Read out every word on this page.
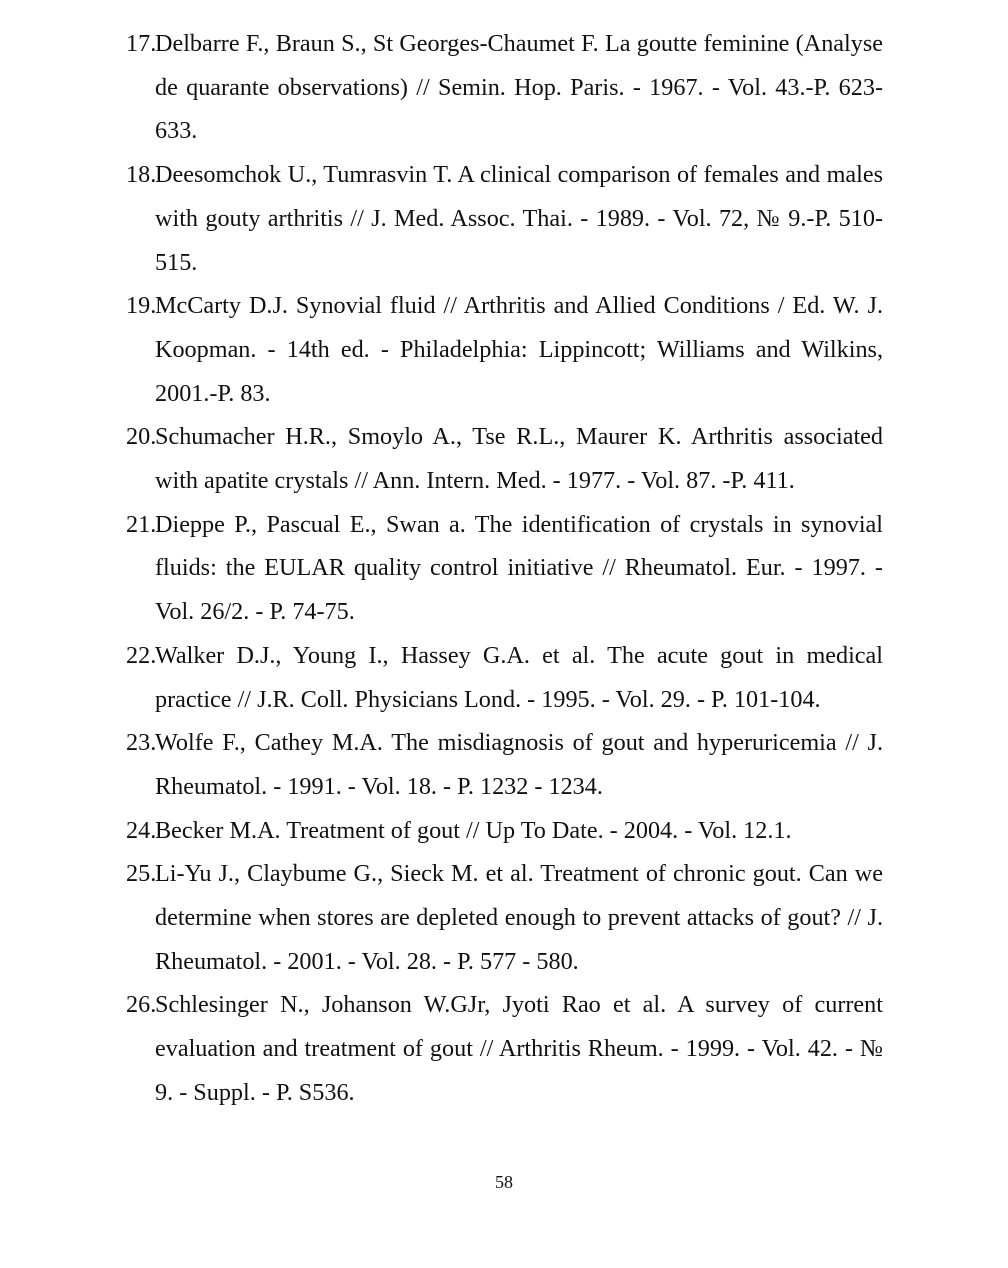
17.
Delbarre F., Braun S., St Georges-Chaumet F. La goutte feminine (Analyse de quarante observations) // Semin. Hop. Paris. - 1967. - Vol. 43.-P. 623-633.
18.
Deesomchok U., Tumrasvin T. A clinical comparison of females and males with gouty arthritis // J. Med. Assoc. Thai. - 1989. - Vol. 72, № 9.-P. 510-515.
19.
McCarty D.J. Synovial fluid // Arthritis and Allied Conditions / Ed. W. J. Koopman. - 14th ed. - Philadelphia: Lippincott; Williams and Wilkins, 2001.-P. 83.
20.
Schumacher H.R., Smoylo A., Tse R.L., Maurer K. Arthritis associated with apatite crystals // Ann. Intern. Med. - 1977. - Vol. 87. -P. 411.
21.
Dieppe P., Pascual E., Swan a. The identification of crystals in synovial fluids: the EULAR quality control initiative // Rheumatol. Eur. - 1997. - Vol. 26/2. - P. 74-75.
22.
Walker D.J., Young I., Hassey G.A. et al. The acute gout in medical practice // J.R. Coll. Physicians Lond. - 1995. - Vol. 29. - P. 101-104.
23.
Wolfe F., Cathey M.A. The misdiagnosis of gout and hyperuricemia // J. Rheumatol. - 1991. - Vol. 18. - P. 1232 - 1234.
24.
Becker M.A. Treatment of gout // Up To Date. - 2004. - Vol. 12.1.
25.
Li-Yu J., Claybume G., Sieck M. et al. Treatment of chronic gout. Can we determine when stores are depleted enough to prevent attacks of gout? // J. Rheumatol. - 2001. - Vol. 28. - P. 577 - 580.
26.
Schlesinger N., Johanson W.GJr, Jyoti Rao et al. A survey of current evaluation and treatment of gout // Arthritis Rheum. - 1999. - Vol. 42. - № 9. - Suppl. - P. S536.
58
